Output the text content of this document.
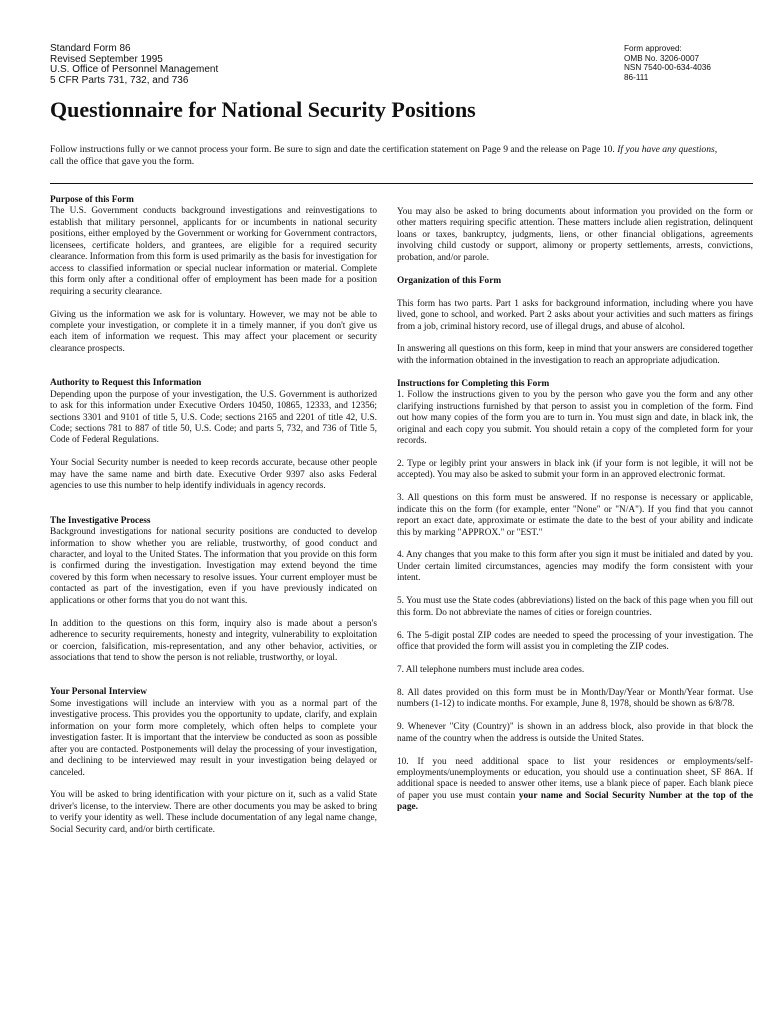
Standard Form 86
Revised September 1995
U.S. Office of Personnel Management
5 CFR Parts 731, 732, and 736
Form approved:
OMB No. 3206-0007
NSN 7540-00-634-4036
86-111
Questionnaire for National Security Positions
Follow instructions fully or we cannot process your form. Be sure to sign and date the certification statement on Page 9 and the release on Page 10. If you have any questions, call the office that gave you the form.
Purpose of this Form

The U.S. Government conducts background investigations and reinvestigations to establish that military personnel, applicants for or incumbents in national security positions, either employed by the Government or working for Government contractors, licensees, certificate holders, and grantees, are eligible for a required security clearance. Information from this form is used primarily as the basis for investigation for access to classified information or special nuclear information or material. Complete this form only after a conditional offer of employment has been made for a position requiring a security clearance.

Giving us the information we ask for is voluntary. However, we may not be able to complete your investigation, or complete it in a timely manner, if you don't give us each item of information we request. This may affect your placement or security clearance prospects.

Authority to Request this Information

Depending upon the purpose of your investigation, the U.S. Government is authorized to ask for this information under Executive Orders 10450, 10865, 12333, and 12356; sections 3301 and 9101 of title 5, U.S. Code; sections 2165 and 2201 of title 42, U.S. Code; sections 781 to 887 of title 50, U.S. Code; and parts 5, 732, and 736 of Title 5, Code of Federal Regulations.

Your Social Security number is needed to keep records accurate, because other people may have the same name and birth date. Executive Order 9397 also asks Federal agencies to use this number to help identify individuals in agency records.

The Investigative Process

Background investigations for national security positions are conducted to develop information to show whether you are reliable, trustworthy, of good conduct and character, and loyal to the United States. The information that you provide on this form is confirmed during the investigation. Investigation may extend beyond the time covered by this form when necessary to resolve issues. Your current employer must be contacted as part of the investigation, even if you have previously indicated on applications or other forms that you do not want this.

In addition to the questions on this form, inquiry also is made about a person's adherence to security requirements, honesty and integrity, vulnerability to exploitation or coercion, falsification, mis-representation, and any other behavior, activities, or associations that tend to show the person is not reliable, trustworthy, or loyal.

Your Personal Interview

Some investigations will include an interview with you as a normal part of the investigative process. This provides you the opportunity to update, clarify, and explain information on your form more completely, which often helps to complete your investigation faster. It is important that the interview be conducted as soon as possible after you are contacted. Postponements will delay the processing of your investigation, and declining to be interviewed may result in your investigation being delayed or canceled.

You will be asked to bring identification with your picture on it, such as a valid State driver's license, to the interview. There are other documents you may be asked to bring to verify your identity as well. These include documentation of any legal name change, Social Security card, and/or birth certificate.

You may also be asked to bring documents about information you provided on the form or other matters requiring specific attention. These matters include alien registration, delinquent loans or taxes, bankruptcy, judgments, liens, or other financial obligations, agreements involving child custody or support, alimony or property settlements, arrests, convictions, probation, and/or parole.

Organization of this Form

This form has two parts. Part 1 asks for background information, including where you have lived, gone to school, and worked. Part 2 asks about your activities and such matters as firings from a job, criminal history record, use of illegal drugs, and abuse of alcohol.

In answering all questions on this form, keep in mind that your answers are considered together with the information obtained in the investigation to reach an appropriate adjudication.

Instructions for Completing this Form

1. Follow the instructions given to you by the person who gave you the form and any other clarifying instructions furnished by that person to assist you in completion of the form. Find out how many copies of the form you are to turn in. You must sign and date, in black ink, the original and each copy you submit. You should retain a copy of the completed form for your records.

2. Type or legibly print your answers in black ink (if your form is not legible, it will not be accepted). You may also be asked to submit your form in an approved electronic format.

3. All questions on this form must be answered. If no response is necessary or applicable, indicate this on the form (for example, enter "None" or "N/A"). If you find that you cannot report an exact date, approximate or estimate the date to the best of your ability and indicate this by marking "APPROX." or "EST."

4. Any changes that you make to this form after you sign it must be initialed and dated by you. Under certain limited circumstances, agencies may modify the form consistent with your intent.

5. You must use the State codes (abbreviations) listed on the back of this page when you fill out this form. Do not abbreviate the names of cities or foreign countries.

6. The 5-digit postal ZIP codes are needed to speed the processing of your investigation. The office that provided the form will assist you in completing the ZIP codes.

7. All telephone numbers must include area codes.

8. All dates provided on this form must be in Month/Day/Year or Month/Year format. Use numbers (1-12) to indicate months. For example, June 8, 1978, should be shown as 6/8/78.

9. Whenever "City (Country)" is shown in an address block, also provide in that block the name of the country when the address is outside the United States.

10. If you need additional space to list your residences or employments/self-employments/unemployments or education, you should use a continuation sheet, SF 86A. If additional space is needed to answer other items, use a blank piece of paper. Each blank piece of paper you use must contain your name and Social Security Number at the top of the page.
